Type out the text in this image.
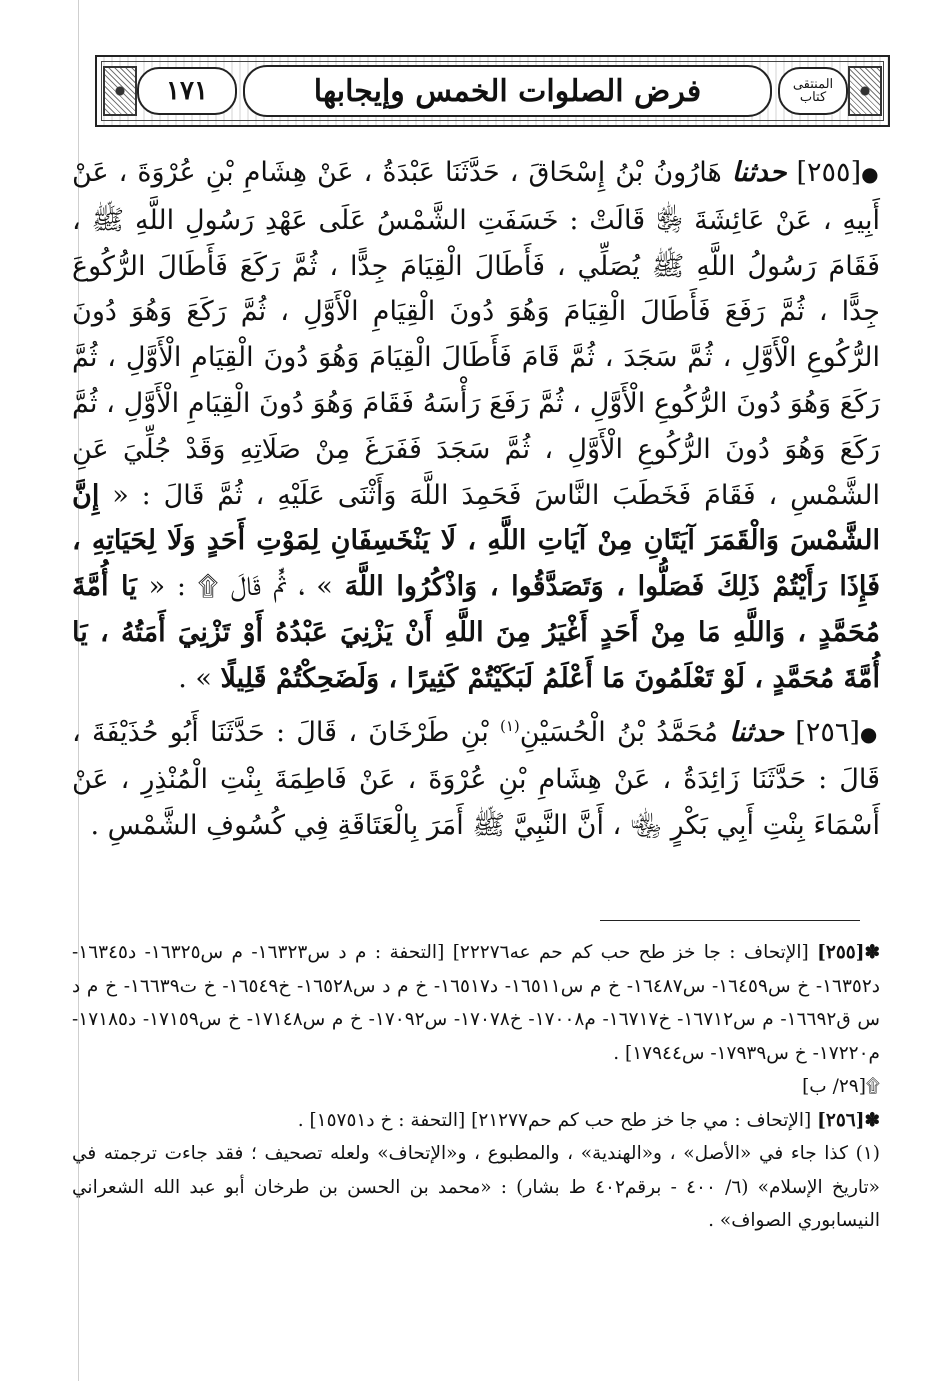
١٧١	فرض الصلوات الخمس وإيجابها	المنتقى كتاب

●[٢٥٥] حدثنا هَارُونُ بْنُ إِسْحَاقَ ، حَدَّثَنَا عَبْدَةُ ، عَنْ هِشَامِ بْنِ عُرْوَةَ ، عَنْ أَبِيهِ ، عَنْ عَائِشَةَ ﵂ قَالَتْ : خَسَفَتِ الشَّمْسُ عَلَى عَهْدِ رَسُولِ اللَّهِ ﷺ ، فَقَامَ رَسُولُ اللَّهِ ﷺ يُصَلِّي ، فَأَطَالَ الْقِيَامَ جِدًّا ، ثُمَّ رَكَعَ فَأَطَالَ الرُّكُوعَ جِدًّا ، ثُمَّ رَفَعَ فَأَطَالَ الْقِيَامَ وَهُوَ دُونَ الْقِيَامِ الْأَوَّلِ ، ثُمَّ رَكَعَ وَهُوَ دُونَ الرُّكُوعِ الْأَوَّلِ ، ثُمَّ سَجَدَ ، ثُمَّ قَامَ فَأَطَالَ الْقِيَامَ وَهُوَ دُونَ الْقِيَامِ الْأَوَّلِ ، ثُمَّ رَكَعَ وَهُوَ دُونَ الرُّكُوعِ الْأَوَّلِ ، ثُمَّ رَفَعَ رَأْسَهُ فَقَامَ وَهُوَ دُونَ الْقِيَامِ الْأَوَّلِ ، ثُمَّ رَكَعَ وَهُوَ دُونَ الرُّكُوعِ الْأَوَّلِ ، ثُمَّ سَجَدَ فَفَرَغَ مِنْ صَلَاتِهِ وَقَدْ جُلِّيَ عَنِ الشَّمْسِ ، فَقَامَ فَخَطَبَ النَّاسَ فَحَمِدَ اللَّهَ وَأَثْنَى عَلَيْهِ ، ثُمَّ قَالَ : « إِنَّ الشَّمْسَ وَالْقَمَرَ آيَتَانِ مِنْ آيَاتِ اللَّهِ ، لَا يَنْخَسِفَانِ لِمَوْتِ أَحَدٍ وَلَا لِحَيَاتِهِ ، فَإِذَا رَأَيْتُمْ ذَلِكَ فَصَلُّوا ، وَتَصَدَّقُوا ، وَاذْكُرُوا اللَّهَ » ، ثُمَّ قَالَ ۩ : « يَا أُمَّةَ مُحَمَّدٍ ، وَاللَّهِ مَا مِنْ أَحَدٍ أَغْيَرُ مِنَ اللَّهِ أَنْ يَزْنِيَ عَبْدُهُ أَوْ تَزْنِيَ أَمَتُهُ ، يَا أُمَّةَ مُحَمَّدٍ ، لَوْ تَعْلَمُونَ مَا أَعْلَمُ لَبَكَيْتُمْ كَثِيرًا ، وَلَضَحِكْتُمْ قَلِيلًا » .

●[٢٥٦] حدثنا مُحَمَّدُ بْنُ الْحُسَيْنِ$^{(١)}$ بْنِ طَرْخَانَ ، قَالَ : حَدَّثَنَا أَبُو حُذَيْفَةَ ، قَالَ : حَدَّثَنَا زَائِدَةُ ، عَنْ هِشَامِ بْنِ عُرْوَةَ ، عَنْ فَاطِمَةَ بِنْتِ الْمُنْذِرِ ، عَنْ أَسْمَاءَ بِنْتِ أَبِي بَكْرٍ ﵄ ، أَنَّ النَّبِيَّ ﷺ أَمَرَ بِالْعَتَاقَةِ فِي كُسُوفِ الشَّمْسِ .

✽[٢٥٥] [الإتحاف : جا خز طح حب كم حم عه٢٢٢٧٦] [التحفة : م د س١٦٣٢٣- م س١٦٣٢٥- د١٦٣٤٥- د١٦٣٥٢- خ س١٦٤٥٩- س١٦٤٨٧- خ م س١٦٥١١- د١٦٥١٧- خ م د س١٦٥٢٨- خ١٦٥٤٩- خ ت١٦٦٣٩- خ م د س ق١٦٦٩٢- م س١٦٧١٢- خ١٦٧١٧- م١٧٠٠٨- خ١٧٠٧٨- س١٧٠٩٢- خ م س١٧١٤٨- خ س١٧١٥٩- د١٧١٨٥- م١٧٢٢٠- خ س١٧٩٣٩- س١٧٩٤٤] .

۩[٢٩/ ب]

✽[٢٥٦] [الإتحاف : مي جا خز طح حب كم حم٢١٢٧٧] [التحفة : خ د١٥٧٥١] .

(١) كذا جاء في «الأصل» ، و«الهندية» ، والمطبوع ، و«الإتحاف» ولعله تصحيف ؛ فقد جاءت ترجمته في «تاريخ الإسلام» (٦/ ٤٠٠ - برقم٤٠٢ ط بشار) : «محمد بن الحسن بن طرخان أبو عبد الله الشعراني النيسابوري الصواف» .
